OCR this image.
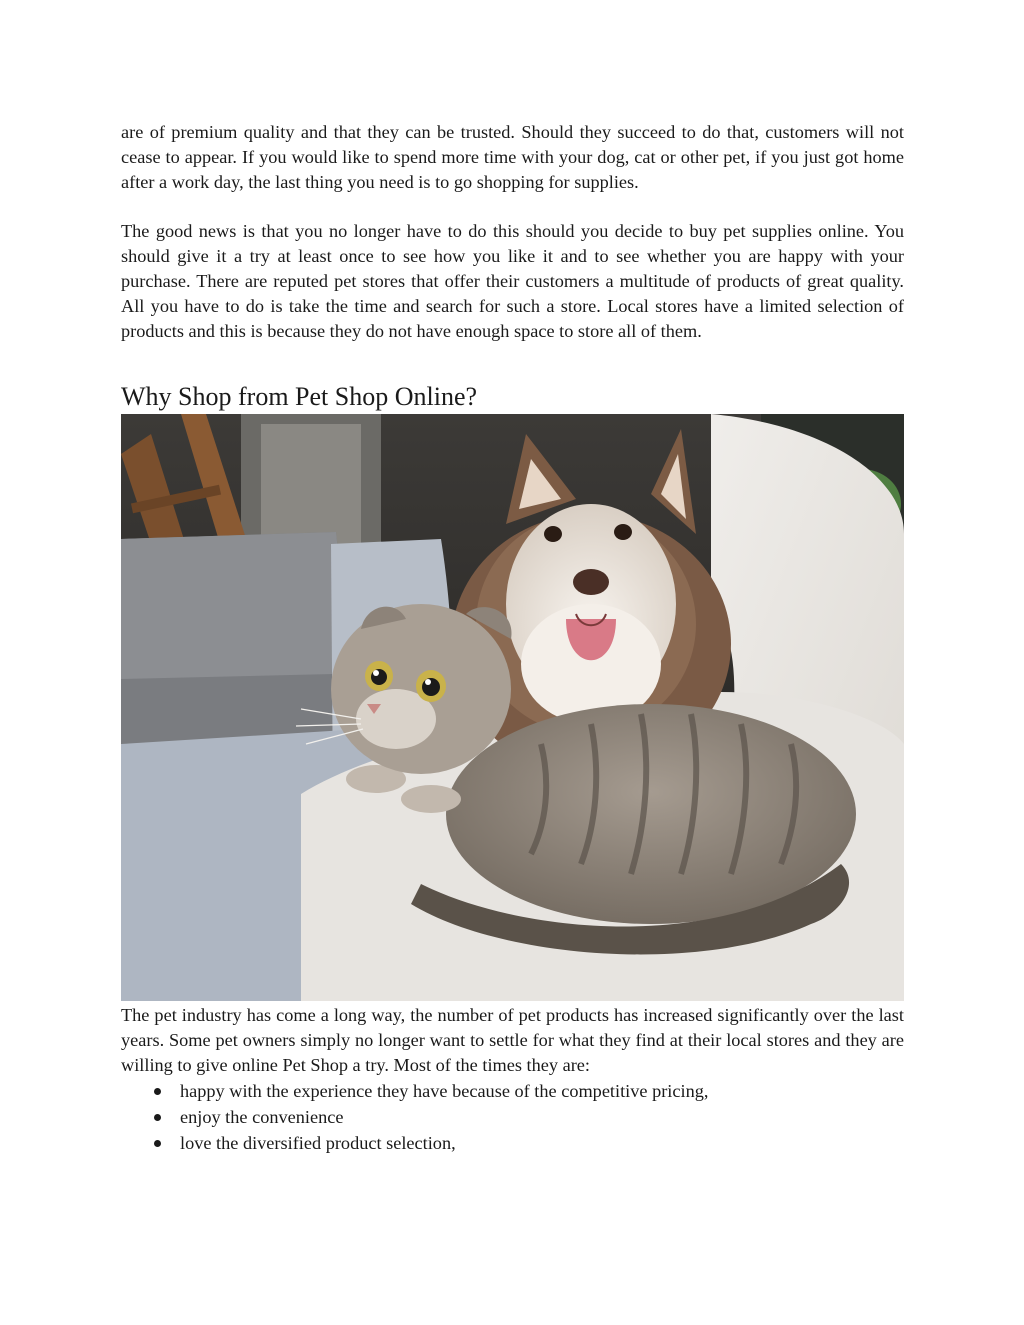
are of premium quality and that they can be trusted. Should they succeed to do that, customers will not cease to appear. If you would like to spend more time with your dog, cat or other pet, if you just got home after a work day, the last thing you need is to go shopping for supplies.

The good news is that you no longer have to do this should you decide to buy pet supplies online. You should give it a try at least once to see how you like it and to see whether you are happy with your purchase. There are reputed pet stores that offer their customers a multitude of products of great quality. All you have to do is take the time and search for such a store. Local stores have a limited selection of products and this is because they do not have enough space to store all of them.

Why Shop from Pet Shop Online?

The pet industry has come a long way, the number of pet products has increased significantly over the last years. Some pet owners simply no longer want to settle for what they find at their local stores and they are willing to give online Pet Shop a try. Most of the times they are:

happy with the experience they have because of the competitive pricing,
enjoy the convenience
love the diversified product selection,
